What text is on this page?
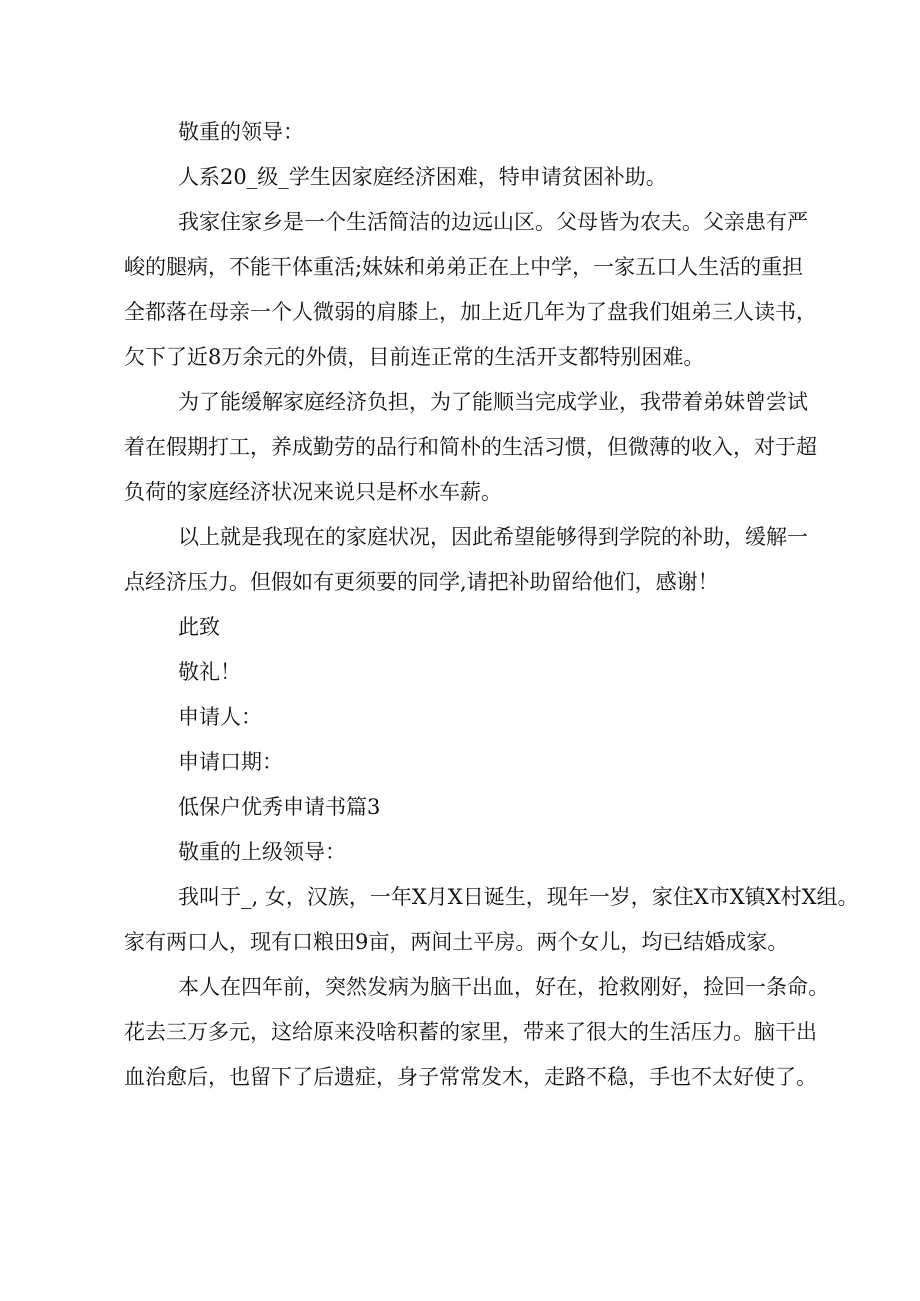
敬重的领导：

人系20_级_学生因家庭经济困难，特申请贫困补助。

我家住家乡是一个生活简洁的边远山区。父母皆为农夫。父亲患有严

峻的腿病，不能干体重活;妹妹和弟弟正在上中学，一家五口人生活的重担

全都落在母亲一个人微弱的肩膝上，加上近几年为了盘我们姐弟三人读书，

欠下了近8万余元的外债，目前连正常的生活开支都特别困难。

为了能缓解家庭经济负担，为了能顺当完成学业，我带着弟妹曾尝试

着在假期打工，养成勤劳的品行和简朴的生活习惯，但微薄的收入，对于超

负荷的家庭经济状况来说只是杯水车薪。

以上就是我现在的家庭状况，因此希望能够得到学院的补助，缓解一

点经济压力。但假如有更须要的同学,请把补助留给他们，感谢！

此致

敬礼！

申请人：

申请口期：

低保户优秀申请书篇3

敬重的上级领导：

我叫于_, 女，汉族，一年X月X日诞生，现年一岁，家住X市X镇X村X组。

家有两口人，现有口粮田9亩，两间土平房。两个女儿，均已结婚成家。

本人在四年前，突然发病为脑干出血，好在，抢救刚好，捡回一条命。

花去三万多元，这给原来没啥积蓄的家里，带来了很大的生活压力。脑干出

血治愈后，也留下了后遗症，身子常常发木，走路不稳，手也不太好使了。
